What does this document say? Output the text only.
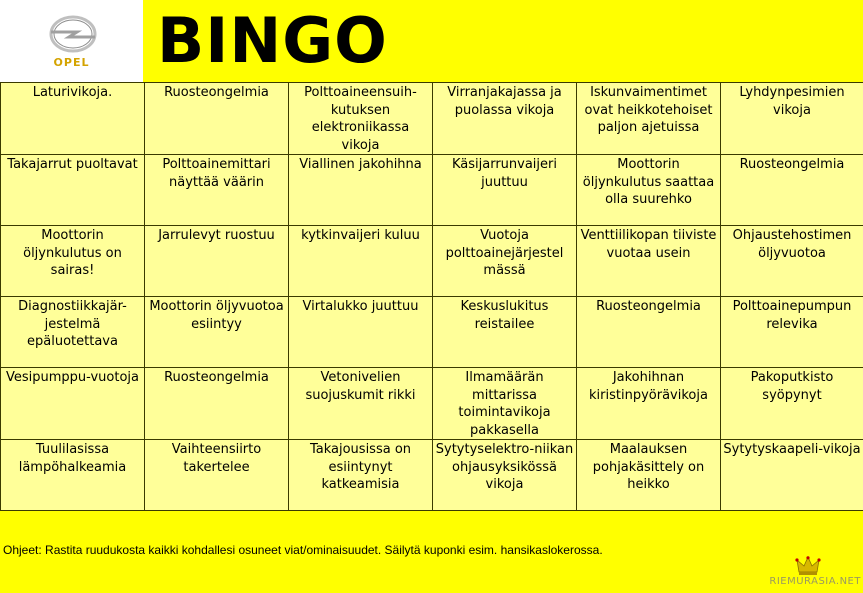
OPEL	BINGO
Laturivikoja.	Ruosteongelmia	Polttoaineensuih-kutuksen elektroniikassa vikoja	Virranjakajassa ja puolassa vikoja	Iskunvaimentimet ovat heikkotehoiset paljon ajetuissa	Lyhdynpesimien vikoja

Takajarrut puoltavat	Polttoainemittari näyttää väärin	Viallinen jakohihna	Käsijarrunvaijeri juuttuu	Moottorin öljynkulutus saattaa olla suurehko	Ruosteongelmia

Moottorin öljynkulutus on sairas!	Jarrulevyt ruostuu	kytkinvaijeri kuluu	Vuotoja polttoainejärjestel mässä	Venttiilikopan tiiviste vuotaa usein	Ohjaustehostimen öljyvuotoa

Diagnostiikkajär-jestelmä epäluotettava	Moottorin öljyvuotoa esiintyy	Virtalukko juuttuu	Keskuslukitus reistailee	Ruosteongelmia	Polttoainepumpun relevika

Vesipumppu-vuotoja	Ruosteongelmia	Vetonivelien suojuskumit rikki	Ilmamäärän mittarissa toimintavikoja pakkasella	Jakohihnan kiristinpyörävikoja	Pakoputkisto syöpynyt

Tuulilasissa lämpöhalkeamia	Vaihteensiirto takertelee	Takajousissa on esiintynyt katkeamisia	Sytytyselektro-niikan ohjausyksikössä vikoja	Maalauksen pohjakäsittely on heikko	Sytytyskaapeli-vikoja
Ohjeet: Rastita ruudukosta kaikki kohdallesi osuneet viat/ominaisuudet. Säilytä kuponki esim. hansikaslokerossa.
RIEMURASIA.NET
